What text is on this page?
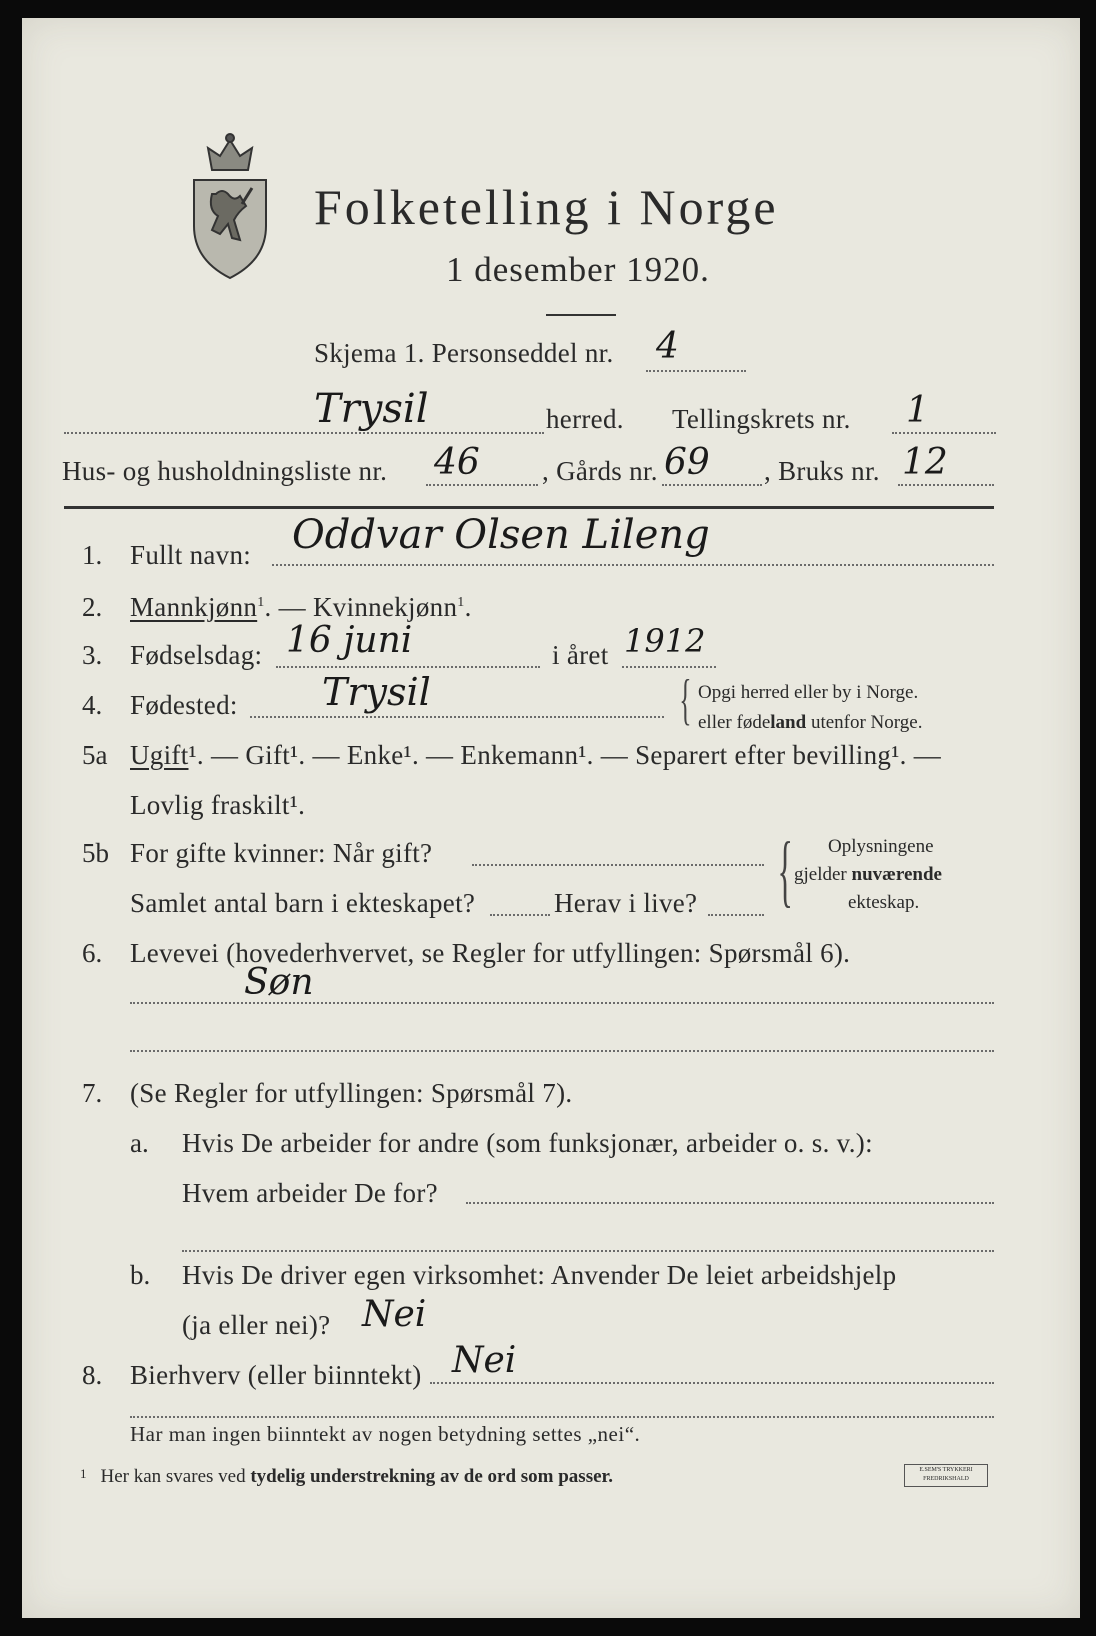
Folketelling i Norge
1 desember 1920.
Skjema 1. Personseddel nr. 4
Trysil	herred. Tellingskrets nr. 1
Hus- og husholdningsliste nr. 46 , Gårds nr. 69 , Bruks nr. 12
1. Fullt navn: Oddvar Olsen Lileng
2. Mannkjønn$^1$. — Kvinnekjønn$^1$.
3. Fødselsdag: 16 juni	i året 1912
4. Fødested: Trysil	{ Opgi herred eller by i Norge.
eller fødeland utenfor Norge.
5a Ugift¹. — Gift¹. — Enke¹. — Enkemann¹. — Separert efter bevilling¹. —
Lovlig fraskilt¹.
5b For gifte kvinner: Når gift?
Samlet antal barn i ekteskapet?	Herav i live? { Oplysningene
gjelder nuværende
ekteskap.
6. Levevei (hovederhvervet, se Regler for utfyllingen: Spørsmål 6).
Søn
7. (Se Regler for utfyllingen: Spørsmål 7).
a. Hvis De arbeider for andre (som funksjonær, arbeider o. s. v.):
Hvem arbeider De for?
b. Hvis De driver egen virksomhet: Anvender De leiet arbeidshjelp
(ja eller nei)? Nei
8. Bierhverv (eller biinntekt) Nei
Har man ingen biinntekt av nogen betydning settes „nei“.
$^1$ Her kan svares ved tydelig understrekning av de ord som passer.	E.SEM'S TRYKKERI FREDRIKSHALD
